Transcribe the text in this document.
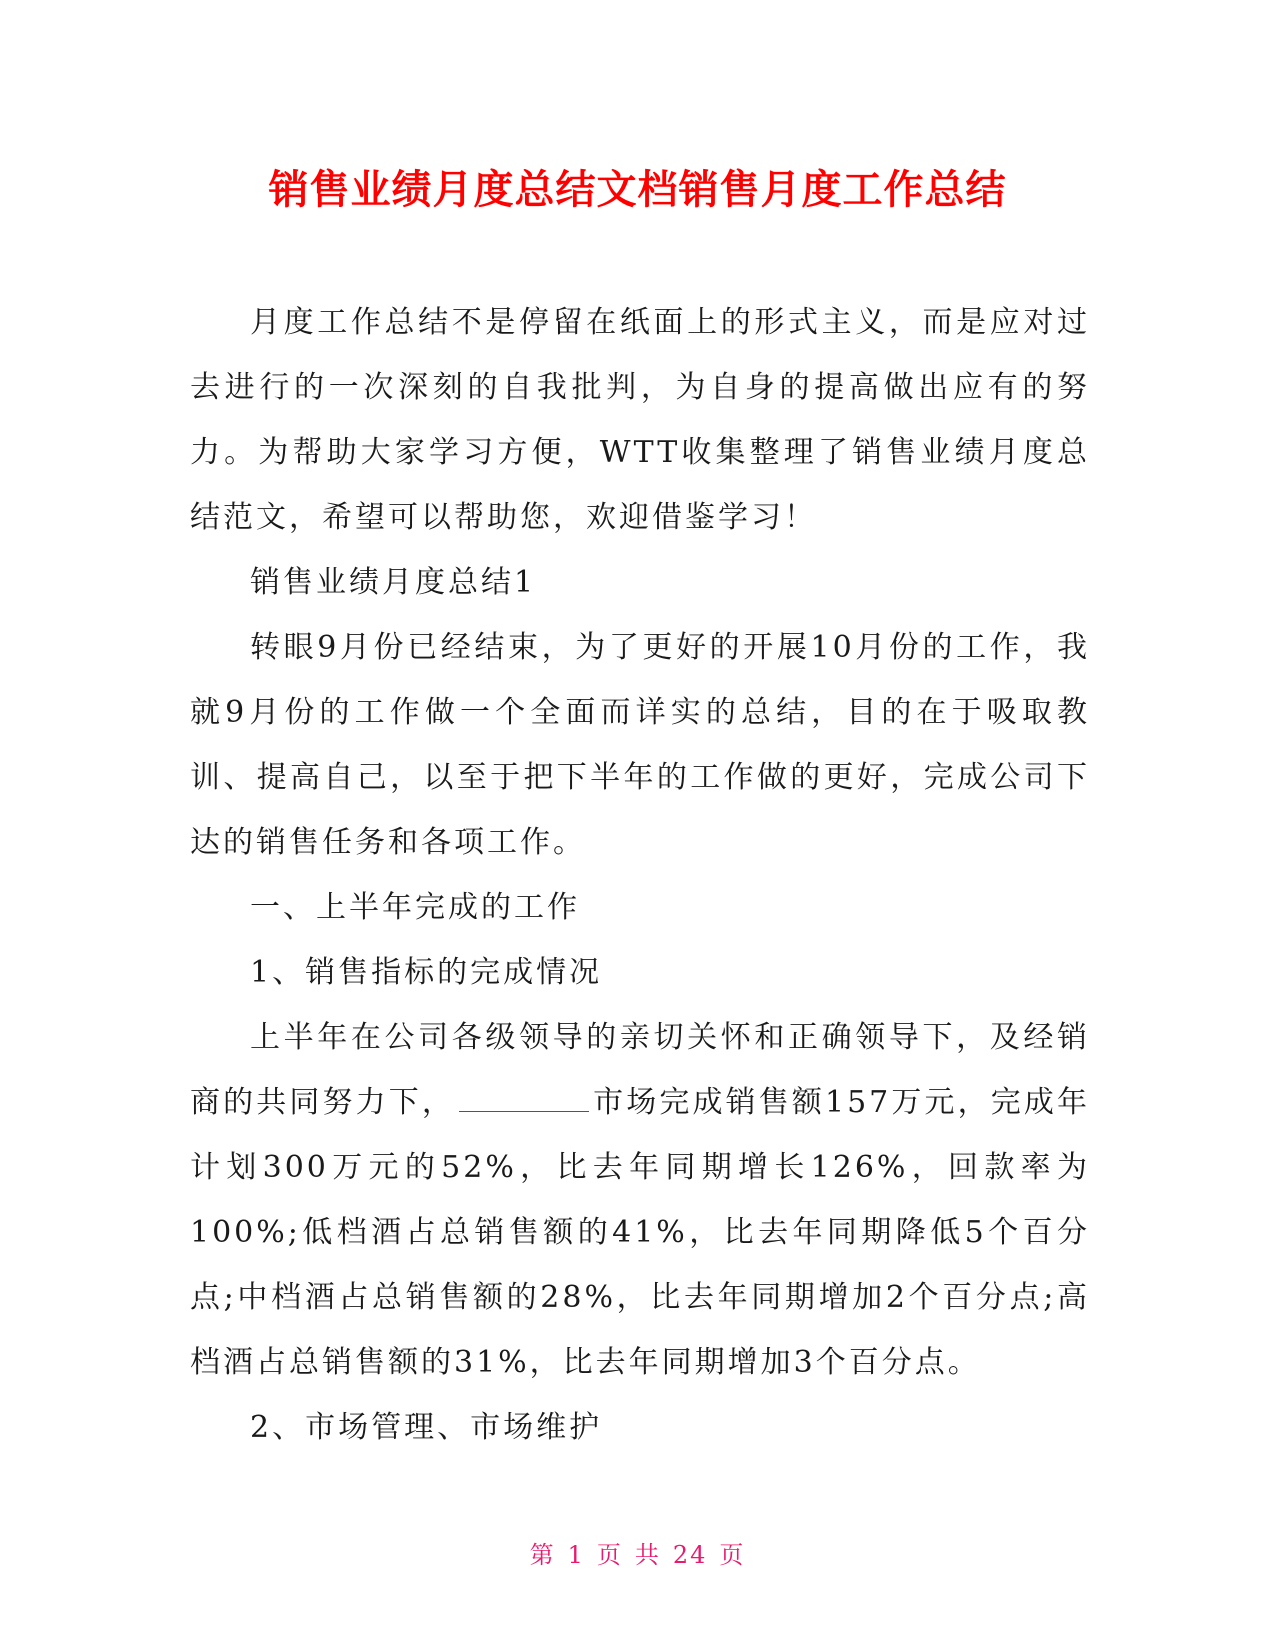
销售业绩月度总结文档销售月度工作总结

月度工作总结不是停留在纸面上的形式主义，而是应对过去进行的一次深刻的自我批判，为自身的提高做出应有的努力。为帮助大家学习方便，WTT收集整理了销售业绩月度总结范文，希望可以帮助您，欢迎借鉴学习！

销售业绩月度总结1

转眼9月份已经结束，为了更好的开展10月份的工作，我就9月份的工作做一个全面而详实的总结，目的在于吸取教训、提高自己，以至于把下半年的工作做的更好，完成公司下达的销售任务和各项工作。

一、上半年完成的工作

1、销售指标的完成情况

上半年在公司各级领导的亲切关怀和正确领导下，及经销商的共同努力下，	市场完成销售额157万元，完成年计划300万元的52%，比去年同期增长126%，回款率为100%;低档酒占总销售额的41%，比去年同期降低5个百分点;中档酒占总销售额的28%，比去年同期增加2个百分点;高档酒占总销售额的31%，比去年同期增加3个百分点。

2、市场管理、市场维护

第 1 页 共 24 页
